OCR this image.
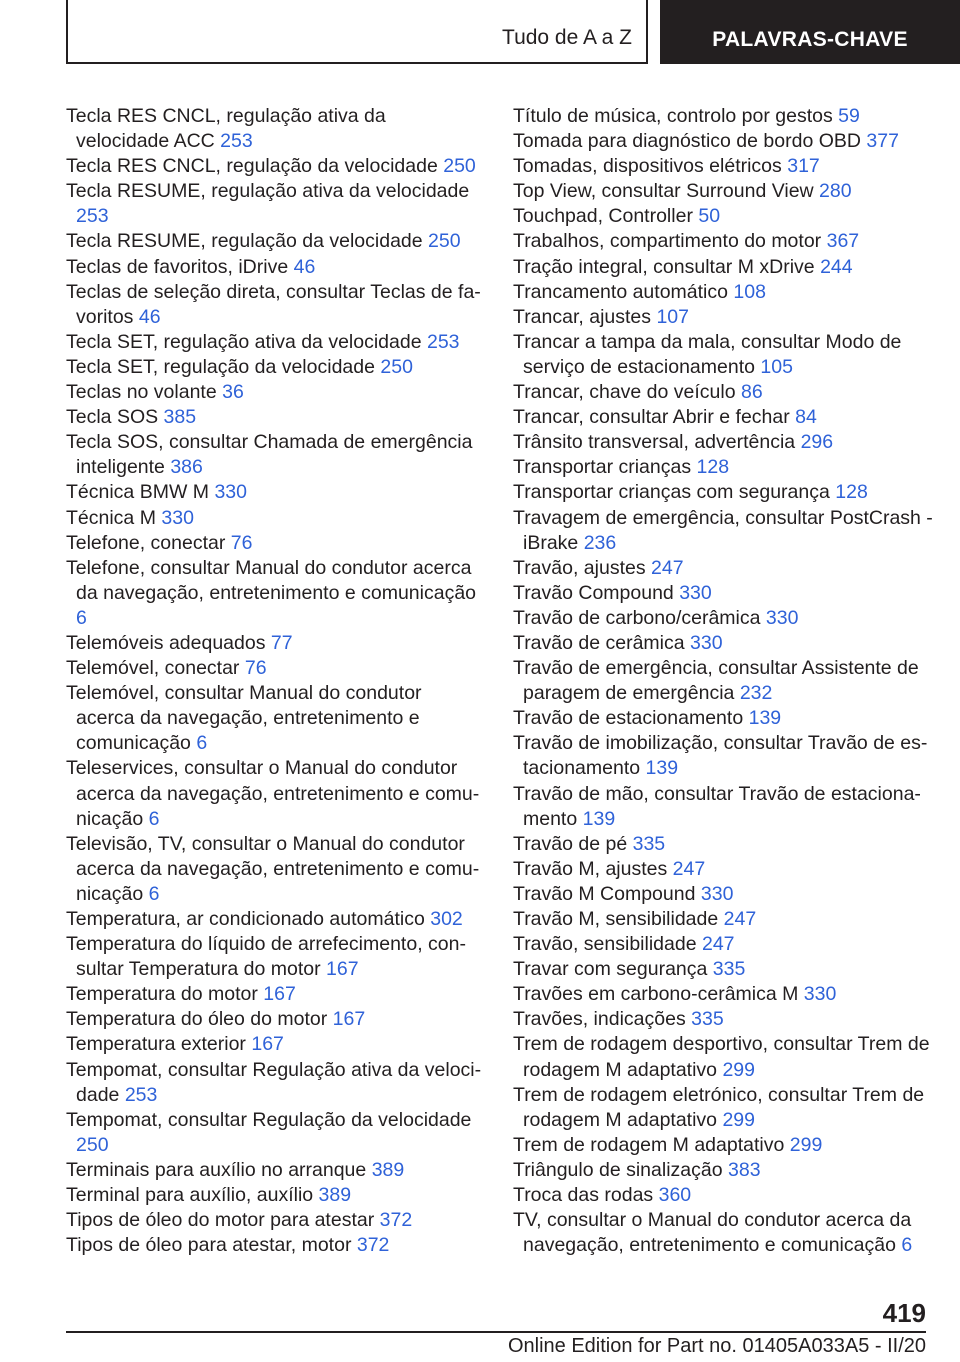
Tudo de A a Z	PALAVRAS-CHAVE
Tecla RES CNCL, regulação ativa da velocidade ACC 253
Tecla RES CNCL, regulação da velocidade 250
Tecla RESUME, regulação ativa da velocidade 253
Tecla RESUME, regulação da velocidade 250
Teclas de favoritos, iDrive 46
Teclas de seleção direta, consultar Teclas de favoritos 46
Tecla SET, regulação ativa da velocidade 253
Tecla SET, regulação da velocidade 250
Teclas no volante 36
Tecla SOS 385
Tecla SOS, consultar Chamada de emergência inteligente 386
Técnica BMW M 330
Técnica M 330
Telefone, conectar 76
Telefone, consultar Manual do condutor acerca da navegação, entretenimento e comunicação 6
Telemóveis adequados 77
Telemóvel, conectar 76
Telemóvel, consultar Manual do condutor acerca da navegação, entretenimento e comunicação 6
Teleservices, consultar o Manual do condutor acerca da navegação, entretenimento e comunicação 6
Televisão, TV, consultar o Manual do condutor acerca da navegação, entretenimento e comunicação 6
Temperatura, ar condicionado automático 302
Temperatura do líquido de arrefecimento, consultar Temperatura do motor 167
Temperatura do motor 167
Temperatura do óleo do motor 167
Temperatura exterior 167
Tempomat, consultar Regulação ativa da velocidade 253
Tempomat, consultar Regulação da velocidade 250
Terminais para auxílio no arranque 389
Terminal para auxílio, auxílio 389
Tipos de óleo do motor para atestar 372
Tipos de óleo para atestar, motor 372
Título de música, controlo por gestos 59
Tomada para diagnóstico de bordo OBD 377
Tomadas, dispositivos elétricos 317
Top View, consultar Surround View 280
Touchpad, Controller 50
Trabalhos, compartimento do motor 367
Tração integral, consultar M xDrive 244
Trancamento automático 108
Trancar, ajustes 107
Trancar a tampa da mala, consultar Modo de serviço de estacionamento 105
Trancar, chave do veículo 86
Trancar, consultar Abrir e fechar 84
Trânsito transversal, advertência 296
Transportar crianças 128
Transportar crianças com segurança 128
Travagem de emergência, consultar PostCrash - iBrake 236
Travão, ajustes 247
Travão Compound 330
Travão de carbono/cerâmica 330
Travão de cerâmica 330
Travão de emergência, consultar Assistente de paragem de emergência 232
Travão de estacionamento 139
Travão de imobilização, consultar Travão de estacionamento 139
Travão de mão, consultar Travão de estacionamento 139
Travão de pé 335
Travão M, ajustes 247
Travão M Compound 330
Travão M, sensibilidade 247
Travão, sensibilidade 247
Travar com segurança 335
Travões em carbono-cerâmica M 330
Travões, indicações 335
Trem de rodagem desportivo, consultar Trem de rodagem M adaptativo 299
Trem de rodagem eletrónico, consultar Trem de rodagem M adaptativo 299
Trem de rodagem M adaptativo 299
Triângulo de sinalização 383
Troca das rodas 360
TV, consultar o Manual do condutor acerca da navegação, entretenimento e comunicação 6
419
Online Edition for Part no. 01405A033A5 - II/20
